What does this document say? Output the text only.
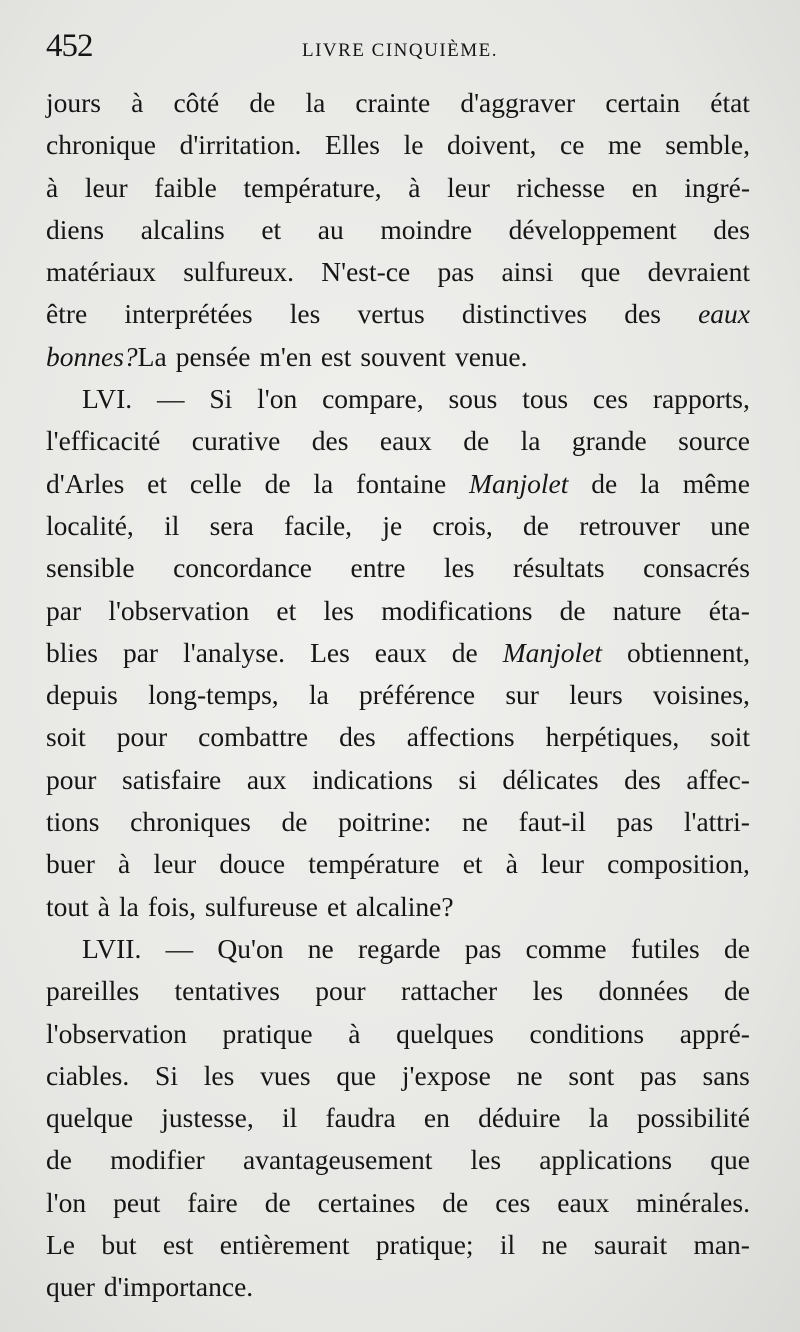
452	LIVRE CINQUIÈME.
jours à côté de la crainte d'aggraver certain état
chronique d'irritation. Elles le doivent, ce me semble,
à leur faible température, à leur richesse en ingré-
diens alcalins et au moindre développement des
matériaux sulfureux. N'est-ce pas ainsi que devraient
être interprétées les vertus distinctives des eaux
bonnes? La pensée m'en est souvent venue.
LVI. — Si l'on compare, sous tous ces rapports,
l'efficacité curative des eaux de la grande source
d'Arles et celle de la fontaine Manjolet de la même
localité, il sera facile, je crois, de retrouver une
sensible concordance entre les résultats consacrés
par l'observation et les modifications de nature éta-
blies par l'analyse. Les eaux de Manjolet obtiennent,
depuis long-temps, la préférence sur leurs voisines,
soit pour combattre des affections herpétiques, soit
pour satisfaire aux indications si délicates des affec-
tions chroniques de poitrine: ne faut-il pas l'attri-
buer à leur douce température et à leur composition,
tout à la fois, sulfureuse et alcaline?
LVII. — Qu'on ne regarde pas comme futiles de
pareilles tentatives pour rattacher les données de
l'observation pratique à quelques conditions appré-
ciables. Si les vues que j'expose ne sont pas sans
quelque justesse, il faudra en déduire la possibilité
de modifier avantageusement les applications que
l'on peut faire de certaines de ces eaux minérales.
Le but est entièrement pratique; il ne saurait man-
quer d'importance.
